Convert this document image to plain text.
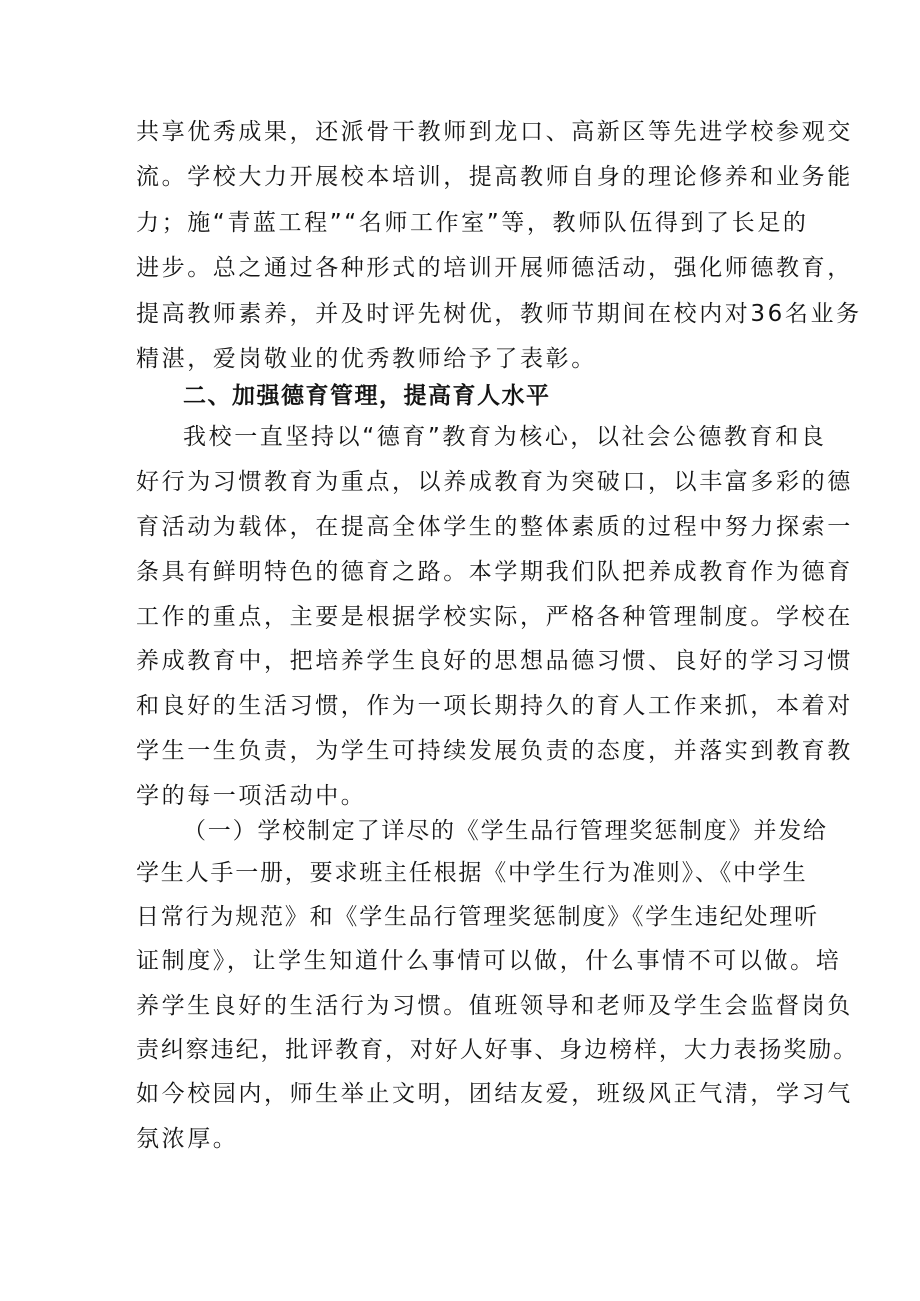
共享优秀成果，还派骨干教师到龙口、高新区等先进学校参观交
流。学校大力开展校本培训，提高教师自身的理论修养和业务能
力；施“青蓝工程”“名师工作室”等，教师队伍得到了长足的
进步。总之通过各种形式的培训开展师德活动，强化师德教育，
提高教师素养，并及时评先树优，教师节期间在校内对36名业务
精湛，爱岗敬业的优秀教师给予了表彰。
二、加强德育管理，提高育人水平
我校一直坚持以“德育”教育为核心，以社会公德教育和良
好行为习惯教育为重点，以养成教育为突破口，以丰富多彩的德
育活动为载体，在提高全体学生的整体素质的过程中努力探索一
条具有鲜明特色的德育之路。本学期我们队把养成教育作为德育
工作的重点，主要是根据学校实际，严格各种管理制度。学校在
养成教育中，把培养学生良好的思想品德习惯、良好的学习习惯
和良好的生活习惯，作为一项长期持久的育人工作来抓，本着对
学生一生负责，为学生可持续发展负责的态度，并落实到教育教
学的每一项活动中。
（一）学校制定了详尽的《学生品行管理奖惩制度》并发给
学生人手一册，要求班主任根据《中学生行为准则》、《中学生
日常行为规范》和《学生品行管理奖惩制度》《学生违纪处理听
证制度》，让学生知道什么事情可以做，什么事情不可以做。培
养学生良好的生活行为习惯。值班领导和老师及学生会监督岗负
责纠察违纪，批评教育，对好人好事、身边榜样，大力表扬奖励。
如今校园内，师生举止文明，团结友爱，班级风正气清，学习气
氛浓厚。
